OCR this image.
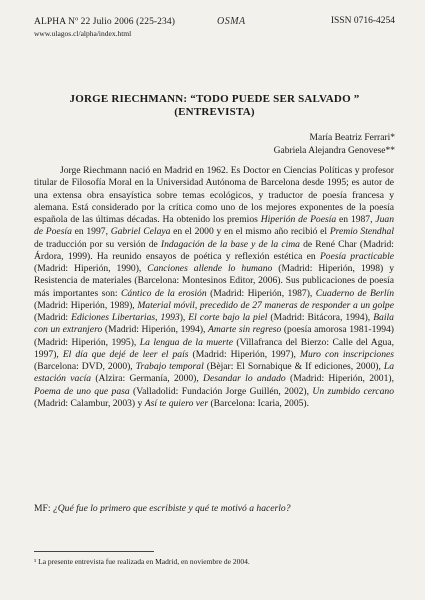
ALPHA Nº 22 Julio 2006 (225-234)
www.ulagos.cl/alpha/index.html
OSMA	ISSN 0716-4254
JORGE RIECHMANN: “TODO PUEDE SER SALVADO ”
(ENTREVISTA)
María Beatriz Ferrari*
Gabriela Alejandra Genovese**

Jorge Riechmann nació en Madrid en 1962. Es Doctor en Ciencias Políticas y profesor titular de Filosofía Moral en la Universidad Autónoma de Barcelona desde 1995; es autor de una extensa obra ensayística sobre temas ecológicos, y traductor de poesía francesa y alemana. Está considerado por la crítica como uno de los mejores exponentes de la poesía española de las últimas décadas. Ha obtenido los premios Hiperión de Poesía en 1987, Juan de Poesía en 1997, Gabriel Celaya en el 2000 y en el mismo año recibió el Premio Stendhal de traducción por su versión de Indagación de la base y de la cima de René Char (Madrid: Árdora, 1999). Ha reunido ensayos de poética y reflexión estética en Poesía practicable (Madrid: Hiperión, 1990), Canciones allende lo humano (Madrid: Hiperión, 1998) y Resistencia de materiales (Barcelona: Montesinos Editor, 2006). Sus publicaciones de poesía más importantes son: Cántico de la erosión (Madrid: Hiperión, 1987), Cuaderno de Berlín (Madrid: Hiperión, 1989), Material móvil, precedido de 27 maneras de responder a un golpe (Madrid: Ediciones Libertarias, 1993), El corte bajo la piel (Madrid: Bitácora, 1994), Baila con un extranjero (Madrid: Hiperión, 1994), Amarte sin regreso (poesía amorosa 1981-1994) (Madrid: Hiperión, 1995), La lengua de la muerte (Villafranca del Bierzo: Calle del Agua, 1997), El día que dejé de leer el país (Madrid: Hiperión, 1997), Muro con inscripciones (Barcelona: DVD, 2000), Trabajo temporal (Bèjar: El Sornabique & If ediciones, 2000), La estación vacía (Alzira: Germanía, 2000), Desandar lo andado (Madrid: Hiperión, 2001), Poema de uno que pasa (Valladolid: Fundación Jorge Guillén, 2002), Un zumbido cercano (Madrid: Calambur, 2003) y Así te quiero ver (Barcelona: Icaria, 2005).

MF: ¿Qué fue lo primero que escribiste y qué te motivó a hacerlo?
¹ La presente entrevista fue realizada en Madrid, en noviembre de 2004.
